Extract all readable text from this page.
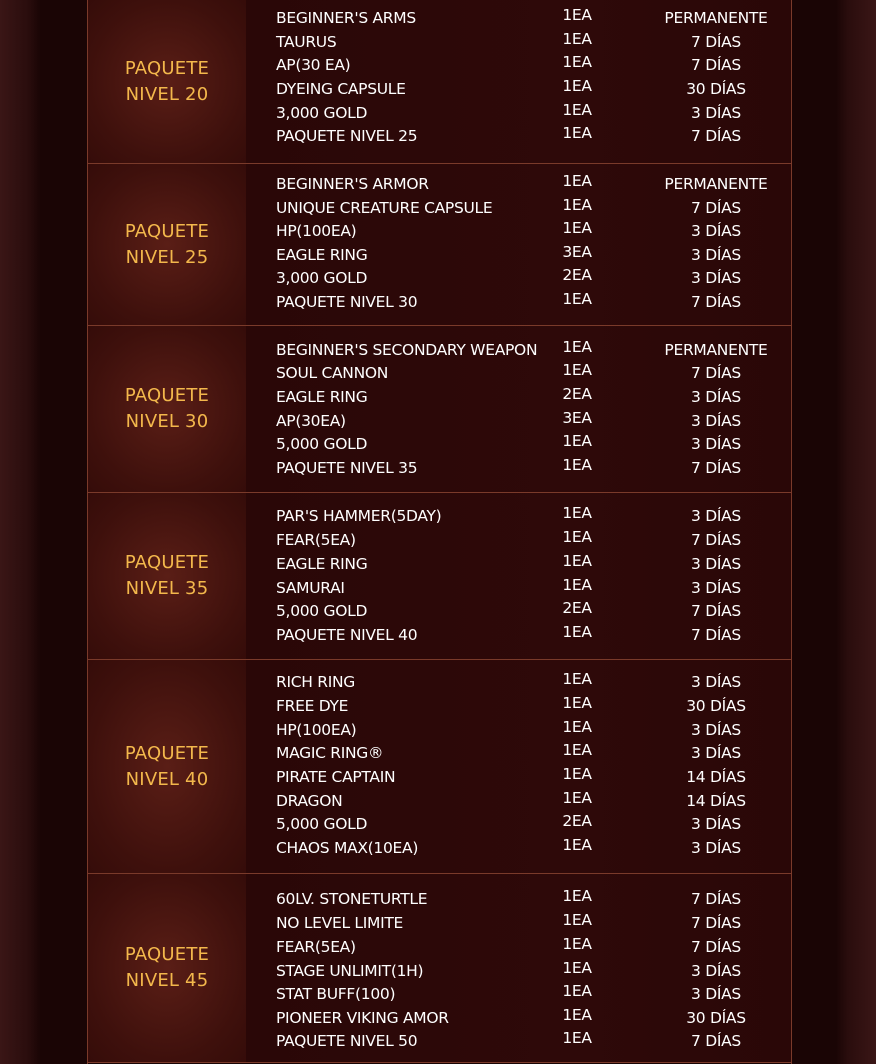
PAQUETE
NIVEL 20
BEGINNER'S ARMS	1EA	PERMANENTE
TAURUS	1EA	7 DÍAS
AP(30 EA)	1EA	7 DÍAS
DYEING CAPSULE	1EA	30 DÍAS
3,000 GOLD	1EA	3 DÍAS
PAQUETE NIVEL 25	1EA	7 DÍAS
PAQUETE
NIVEL 25
BEGINNER'S ARMOR	1EA	PERMANENTE
UNIQUE CREATURE CAPSULE	1EA	7 DÍAS
HP(100EA)	1EA	3 DÍAS
EAGLE RING	3EA	3 DÍAS
3,000 GOLD	2EA	3 DÍAS
PAQUETE NIVEL 30	1EA	7 DÍAS
PAQUETE
NIVEL 30
BEGINNER'S SECONDARY WEAPON 1EA	PERMANENTE
SOUL CANNON	1EA	7 DÍAS
EAGLE RING	2EA	3 DÍAS
AP(30EA)	3EA	3 DÍAS
5,000 GOLD	1EA	3 DÍAS
PAQUETE NIVEL 35	1EA	7 DÍAS
PAQUETE
NIVEL 35
PAR'S HAMMER(5DAY)	1EA	3 DÍAS
FEAR(5EA)	1EA	7 DÍAS
EAGLE RING	1EA	3 DÍAS
SAMURAI	1EA	3 DÍAS
5,000 GOLD	2EA	7 DÍAS
PAQUETE NIVEL 40	1EA	7 DÍAS
PAQUETE
NIVEL 40
RICH RING	1EA	3 DÍAS
FREE DYE	1EA	30 DÍAS
HP(100EA)	1EA	3 DÍAS
MAGIC RING®	1EA	3 DÍAS
PIRATE CAPTAIN	1EA	14 DÍAS
DRAGON	1EA	14 DÍAS
5,000 GOLD	2EA	3 DÍAS
CHAOS MAX(10EA)	1EA	3 DÍAS
PAQUETE
NIVEL 45
60LV. STONETURTLE	1EA	7 DÍAS
NO LEVEL LIMITE	1EA	7 DÍAS
FEAR(5EA)	1EA	7 DÍAS
STAGE UNLIMIT(1H)	1EA	3 DÍAS
STAT BUFF(100)	1EA	3 DÍAS
PIONEER VIKING AMOR	1EA	30 DÍAS
PAQUETE NIVEL 50	1EA	7 DÍAS
